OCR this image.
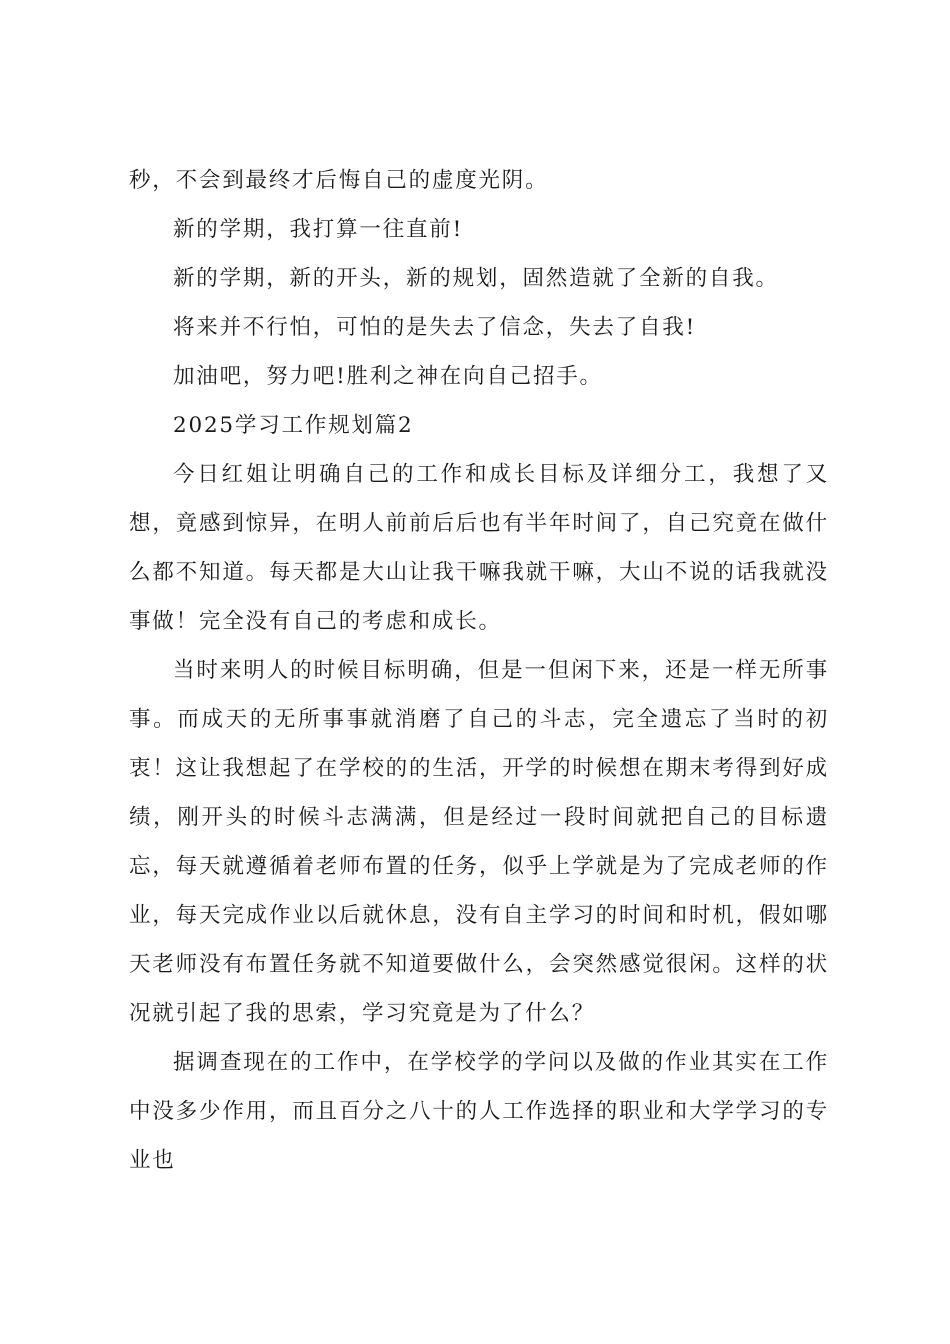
秒，不会到最终才后悔自己的虚度光阴。

新的学期，我打算一往直前!

新的学期，新的开头，新的规划，固然造就了全新的自我。

将来并不行怕，可怕的是失去了信念，失去了自我!

加油吧，努力吧!胜利之神在向自己招手。

2025学习工作规划篇2

今日红姐让明确自己的工作和成长目标及详细分工，我想了又想，竟感到惊异，在明人前前后后也有半年时间了，自己究竟在做什么都不知道。每天都是大山让我干嘛我就干嘛，大山不说的话我就没事做！完全没有自己的考虑和成长。

当时来明人的时候目标明确，但是一但闲下来，还是一样无所事事。而成天的无所事事就消磨了自己的斗志，完全遗忘了当时的初衷！这让我想起了在学校的的生活，开学的时候想在期末考得到好成绩，刚开头的时候斗志满满，但是经过一段时间就把自己的目标遗忘，每天就遵循着老师布置的任务，似乎上学就是为了完成老师的作业，每天完成作业以后就休息，没有自主学习的时间和时机，假如哪天老师没有布置任务就不知道要做什么，会突然感觉很闲。这样的状况就引起了我的思索，学习究竟是为了什么？

据调查现在的工作中，在学校学的学问以及做的作业其实在工作中没多少作用，而且百分之八十的人工作选择的职业和大学学习的专业也
